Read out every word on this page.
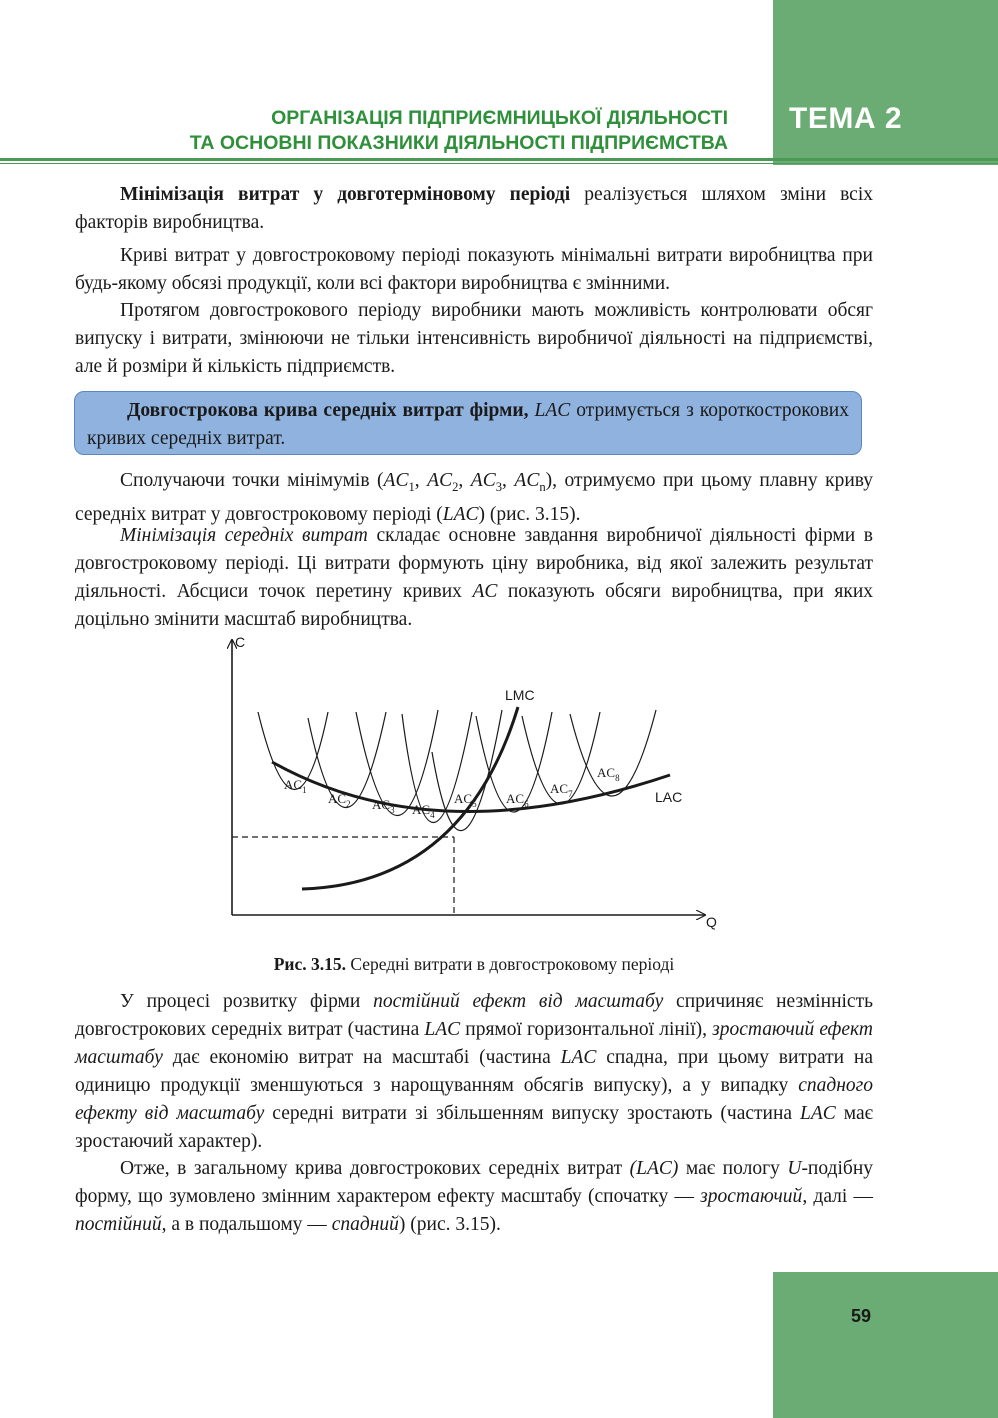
ТЕМА 2
ОРГАНІЗАЦІЯ ПІДПРИЄМНИЦЬКОЇ ДІЯЛЬНОСТІ
ТА ОСНОВНІ ПОКАЗНИКИ ДІЯЛЬНОСТІ ПІДПРИЄМСТВА

Мінімізація витрат у довготерміновому періоді реалізується шляхом зміни всіх факторів виробництва.

Криві витрат у довгостроковому періоді показують мінімальні витрати виробництва при будь-якому обсязі продукції, коли всі фактори виробництва є змінними.

Протягом довгострокового періоду виробники мають можливість контролювати обсяг випуску і витрати, змінюючи не тільки інтенсивність виробничої діяльності на підприємстві, але й розміри й кількість підприємств.

Довгострокова крива середніх витрат фірми, LAC отримується з короткострокових кривих середніх витрат.

Сполучаючи точки мінімумів ($AC_1$, $AC_2$, $AC_3$, $AC_n$), отримуємо при цьому плавну криву середніх витрат у довгостроковому періоді (LAC) (рис. 3.15).

Мінімізація середніх витрат складає основне завдання виробничої діяльності фірми в довгостроковому періоді. Ці витрати формують ціну виробника, від якої залежить результат діяльності. Абсциси точок перетину кривих AC показують обсяги виробництва, при яких доцільно змінити масштаб виробництва.

C
Q
LMC
LAC
$AC_1$
$AC_2$ $AC_3$ $AC_4$
$AC_5$ $AC_6$
$AC_7$
$AC_8$
Рис. 3.15. Середні витрати в довгостроковому періоді

У процесі розвитку фірми постійний ефект від масштабу спричиняє незмінність довгострокових середніх витрат (частина LAC прямої горизонтальної лінії), зростаючий ефект масштабу дає економію витрат на масштабі (частина LAC спадна, при цьому витрати на одиницю продукції зменшуються з нарощуванням обсягів випуску), а у випадку спадного ефекту від масштабу середні витрати зі збільшенням випуску зростають (частина LAC має зростаючий характер).

Отже, в загальному крива довгострокових середніх витрат (LAC) має пологу U-подібну форму, що зумовлено змінним характером ефекту масштабу (спочатку — зростаючий, далі — постійний, а в подальшому — спадний) (рис. 3.15).

59
